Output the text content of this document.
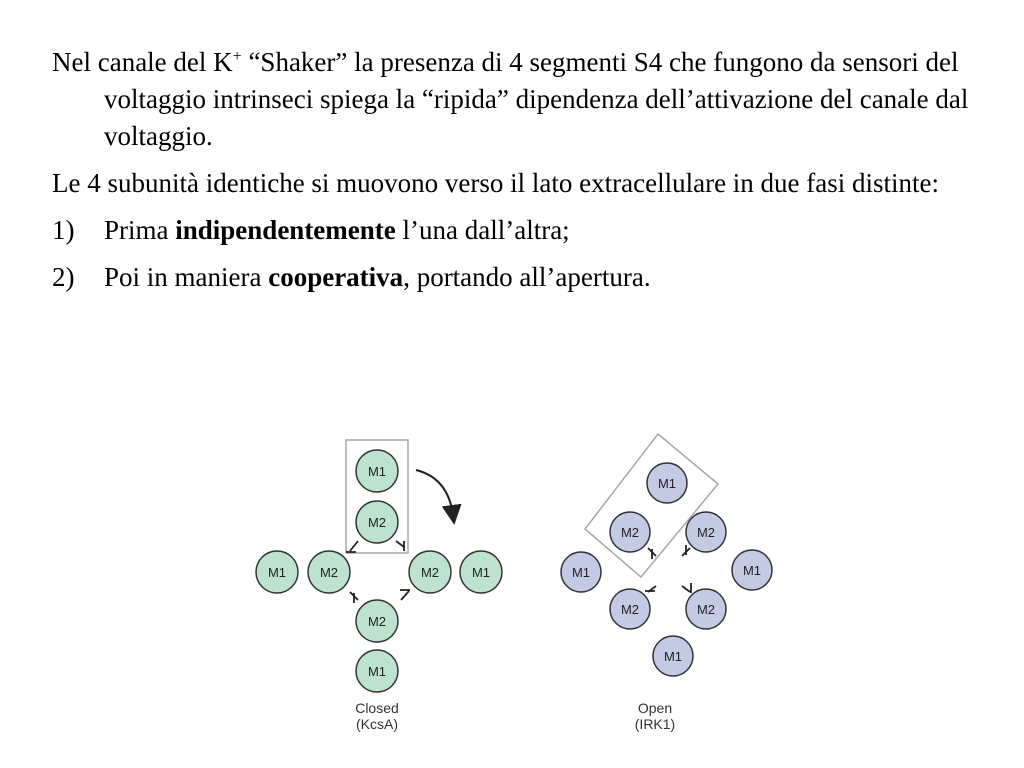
Nel canale del K+ “Shaker” la presenza di 4 segmenti S4 che fungono da sensori del voltaggio intrinseci spiega la “ripida” dipendenza dell’attivazione del canale dal voltaggio.

Le 4 subunità identiche si muovono verso il lato extracellulare in due fasi distinte:

1) Prima indipendentemente l’una dall’altra;
2) Poi in maniera cooperativa, portando all’apertura.
M1
M2
M1	M2	M2	M1
M2
M1
Closed
(KcsA)
M1
M2	M2
M1	M1
M2	M2
M1
Open
(IRK1)
